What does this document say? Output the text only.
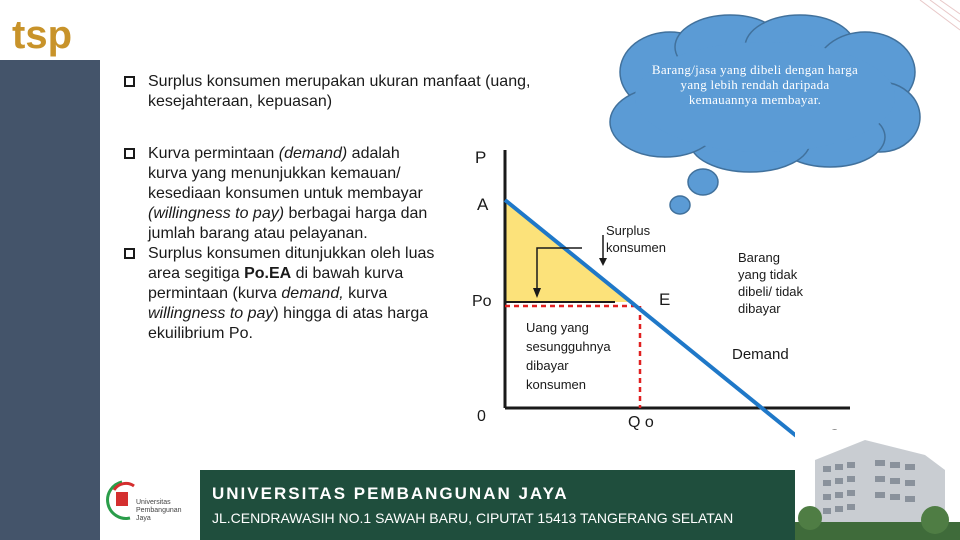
tsp

Surplus konsumen merupakan ukuran manfaat (uang, kesejahteraan, kepuasan)

Kurva permintaan (demand) adalah kurva yang menunjukkan kemauan/ kesediaan konsumen untuk membayar (willingness to pay) berbagai harga dan jumlah barang atau pelayanan.

Surplus konsumen ditunjukkan oleh luas area segitiga Po.EA di bawah kurva permintaan (kurva demand, kurva willingness to pay) hingga di atas harga ekuilibrium Po.

Barang/jasa yang dibeli dengan harga yang lebih rendah daripada kemauannya membayar.
P
A
Po
0	Q o
E
Surplus
konsumen
Barang
yang tidak
dibeli/ tidak
dibayar
Uang yang
sesungguhnya
dibayar
konsumen
Demand
Universitas
Pembangunan
Jaya
UNIVERSITAS PEMBANGUNAN JAYA
JL.CENDRAWASIH NO.1 SAWAH BARU, CIPUTAT 15413 TANGERANG SELATAN
